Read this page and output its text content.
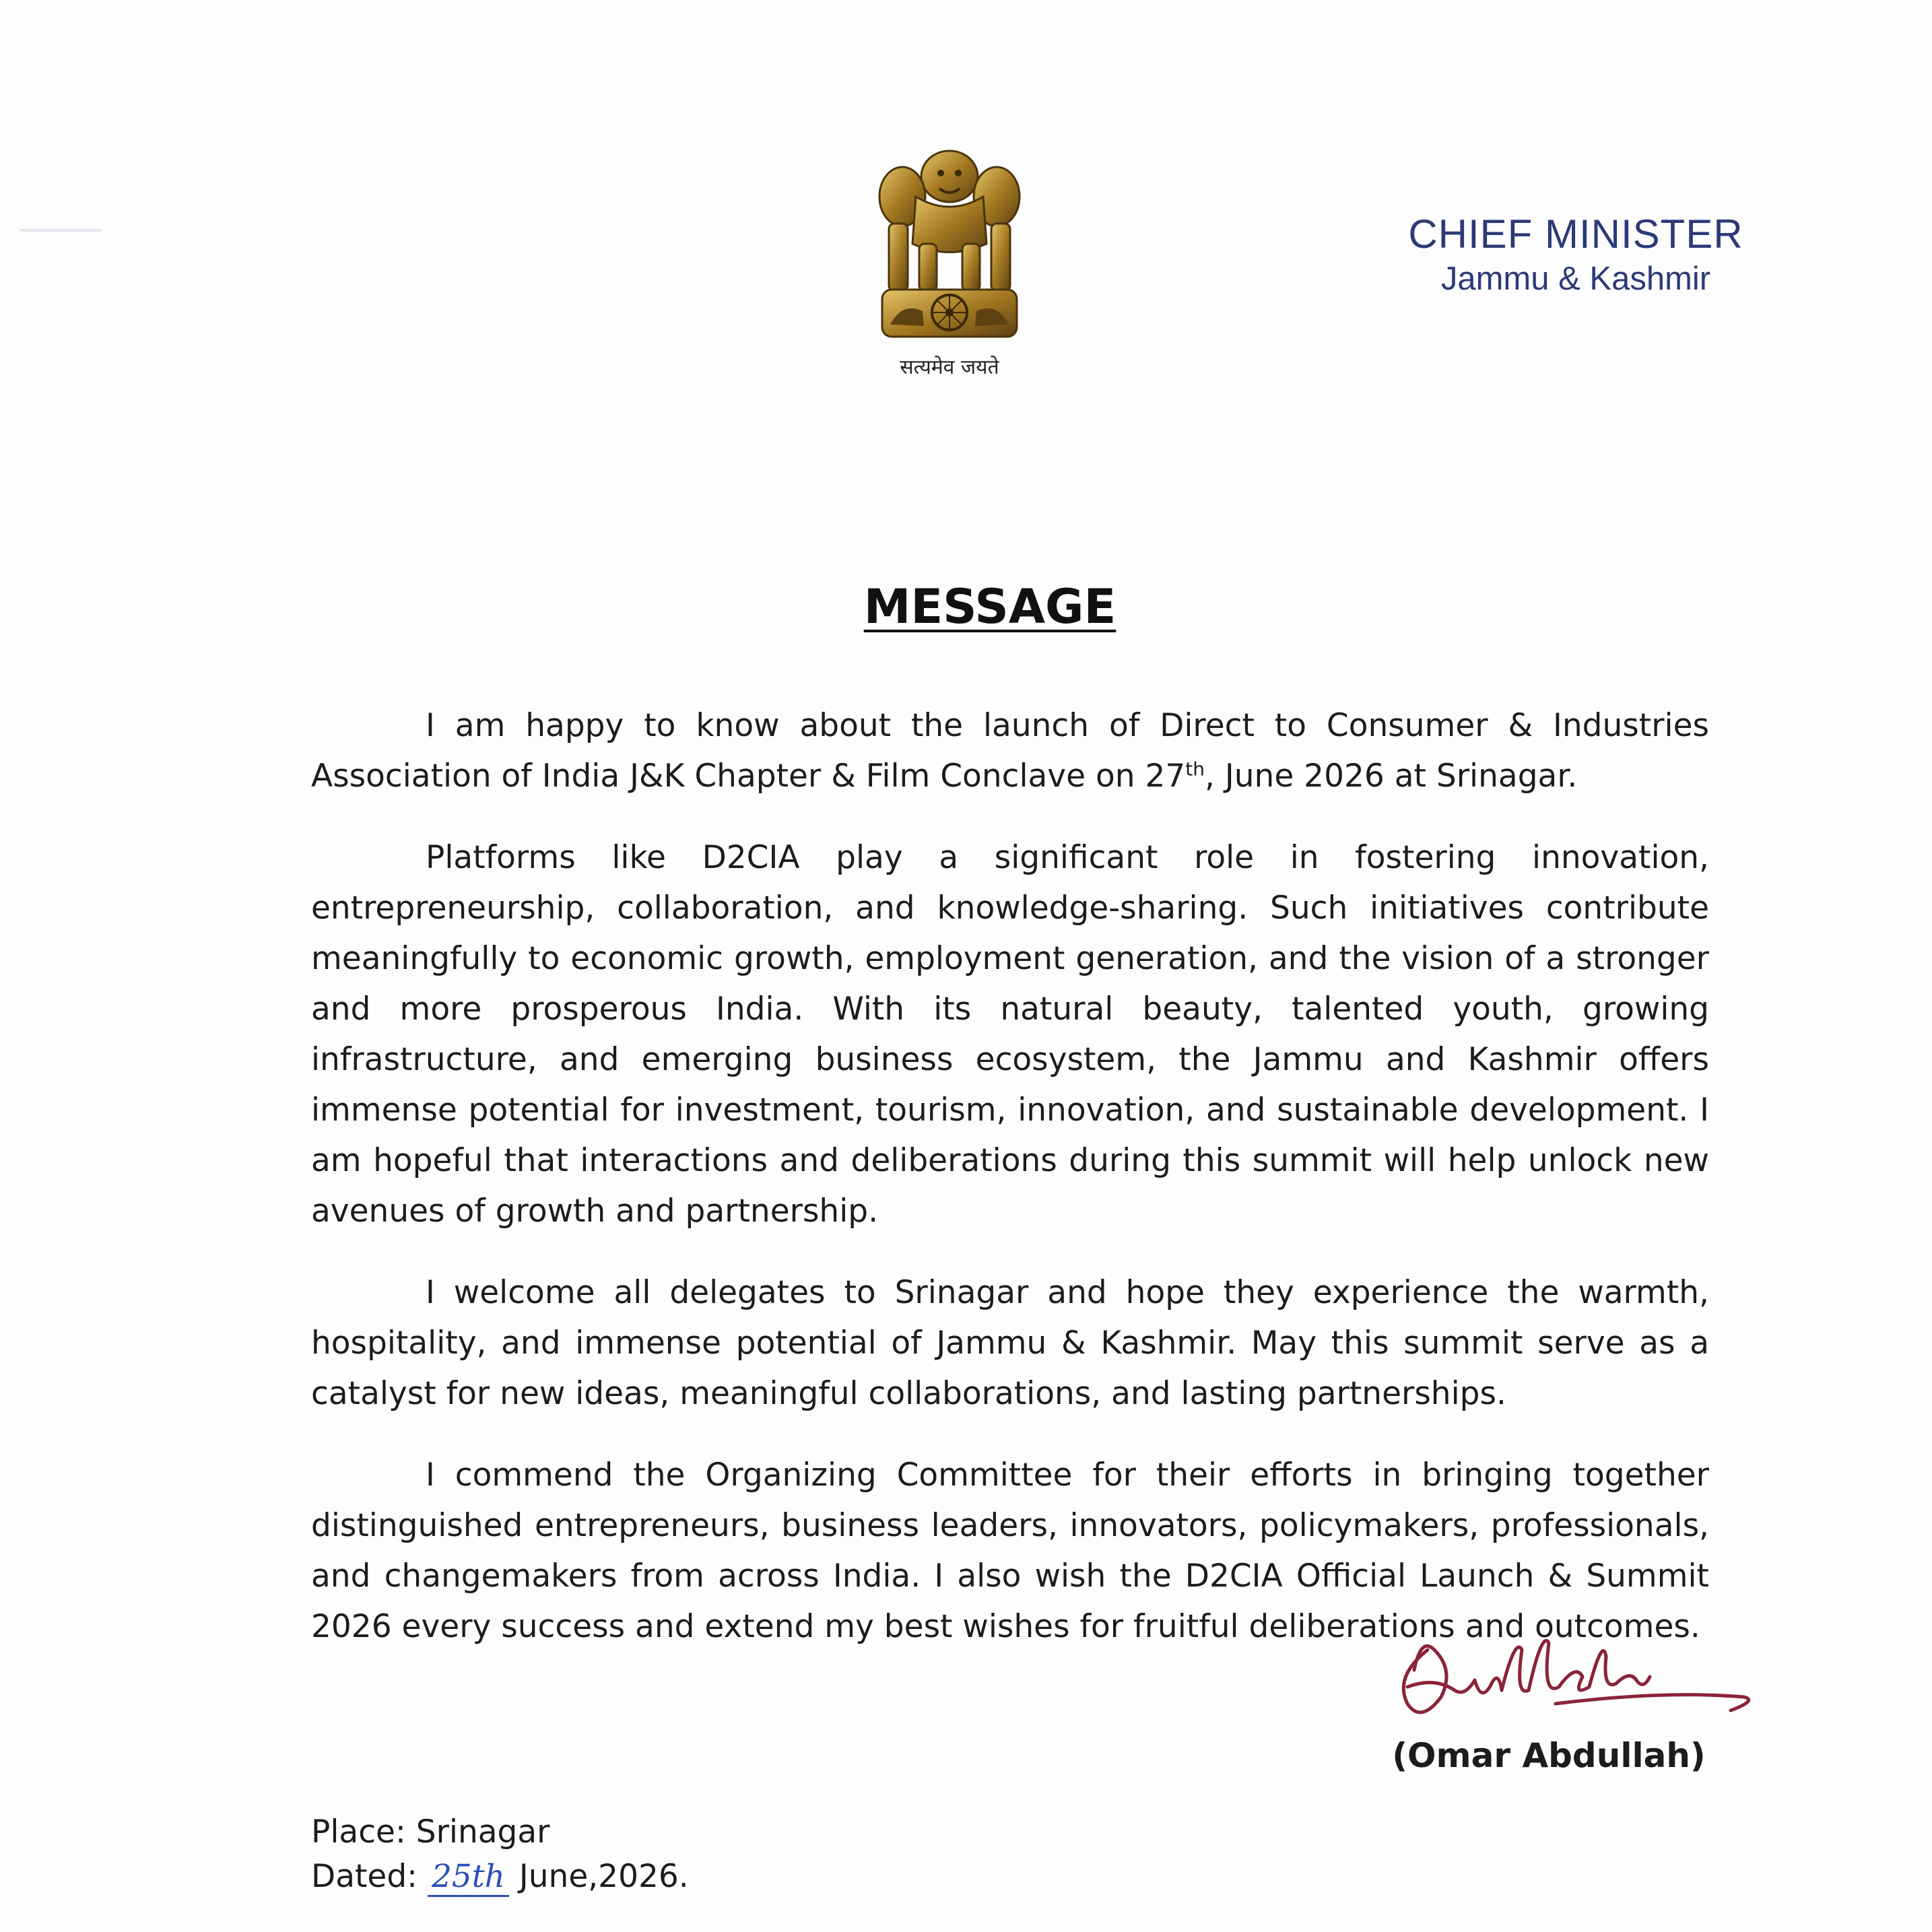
सत्यमेव जयते
CHIEF MINISTER
Jammu & Kashmir
MESSAGE

I am happy to know about the launch of Direct to Consumer & Industries Association of India J&K Chapter & Film Conclave on 27th, June 2026 at Srinagar.

Platforms like D2CIA play a significant role in fostering innovation, entrepreneurship, collaboration, and knowledge-sharing. Such initiatives contribute meaningfully to economic growth, employment generation, and the vision of a stronger and more prosperous India. With its natural beauty, talented youth, growing infrastructure, and emerging business ecosystem, the Jammu and Kashmir offers immense potential for investment, tourism, innovation, and sustainable development. I am hopeful that interactions and deliberations during this summit will help unlock new avenues of growth and partnership.

I welcome all delegates to Srinagar and hope they experience the warmth, hospitality, and immense potential of Jammu & Kashmir. May this summit serve as a catalyst for new ideas, meaningful collaborations, and lasting partnerships.

I commend the Organizing Committee for their efforts in bringing together distinguished entrepreneurs, business leaders, innovators, policymakers, professionals, and changemakers from across India. I also wish the D2CIA Official Launch & Summit 2026 every success and extend my best wishes for fruitful deliberations and outcomes.

(Omar Abdullah)
Place: Srinagar
Dated: 25th June,2026.
